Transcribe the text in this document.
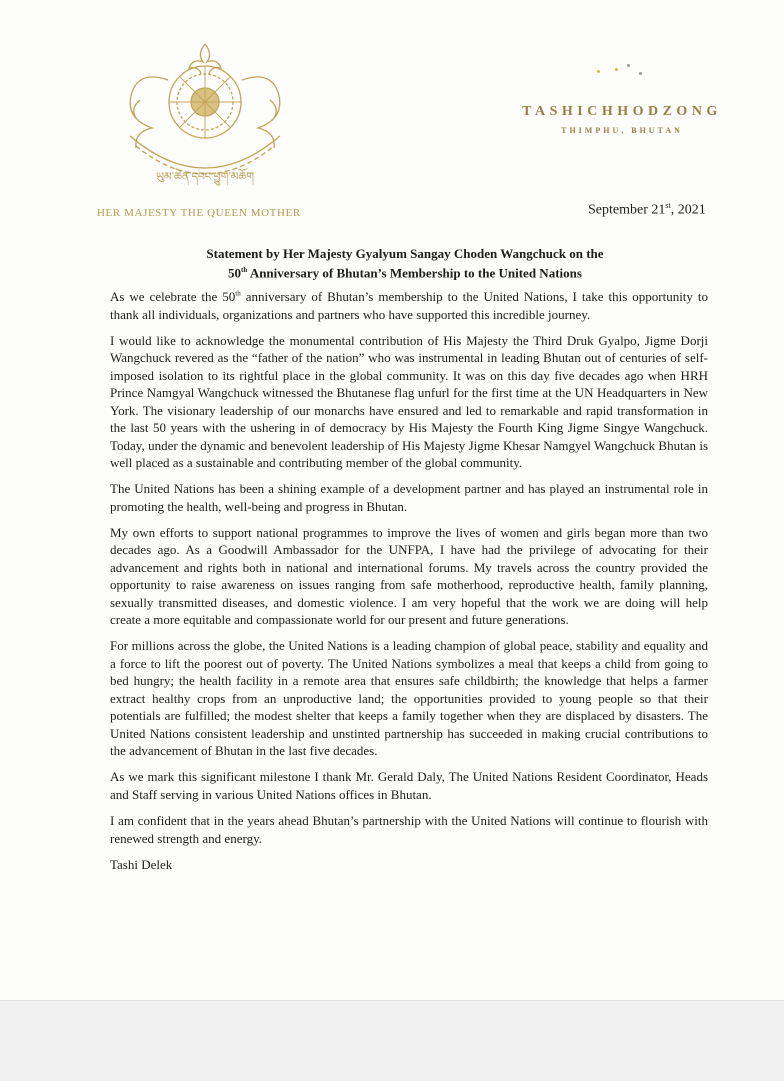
ཡུམ་ཆེན་དབང་ཕྱུག་མཆོག
HER MAJESTY THE QUEEN MOTHER
TASHICHHODZONG
THIMPHU, BHUTAN
September 21st, 2021
Statement by Her Majesty Gyalyum Sangay Choden Wangchuck on the
50th Anniversary of Bhutan’s Membership to the United Nations

As we celebrate the 50th anniversary of Bhutan’s membership to the United Nations, I take this opportunity to thank all individuals, organizations and partners who have supported this incredible journey.

I would like to acknowledge the monumental contribution of His Majesty the Third Druk Gyalpo, Jigme Dorji Wangchuck revered as the “father of the nation” who was instrumental in leading Bhutan out of centuries of self-imposed isolation to its rightful place in the global community. It was on this day five decades ago when HRH Prince Namgyal Wangchuck witnessed the Bhutanese flag unfurl for the first time at the UN Headquarters in New York. The visionary leadership of our monarchs have ensured and led to remarkable and rapid transformation in the last 50 years with the ushering in of democracy by His Majesty the Fourth King Jigme Singye Wangchuck. Today, under the dynamic and benevolent leadership of His Majesty Jigme Khesar Namgyel Wangchuck Bhutan is well placed as a sustainable and contributing member of the global community.

The United Nations has been a shining example of a development partner and has played an instrumental role in promoting the health, well-being and progress in Bhutan.

My own efforts to support national programmes to improve the lives of women and girls began more than two decades ago. As a Goodwill Ambassador for the UNFPA, I have had the privilege of advocating for their advancement and rights both in national and international forums. My travels across the country provided the opportunity to raise awareness on issues ranging from safe motherhood, reproductive health, family planning, sexually transmitted diseases, and domestic violence. I am very hopeful that the work we are doing will help create a more equitable and compassionate world for our present and future generations.

For millions across the globe, the United Nations is a leading champion of global peace, stability and equality and a force to lift the poorest out of poverty. The United Nations symbolizes a meal that keeps a child from going to bed hungry; the health facility in a remote area that ensures safe childbirth; the knowledge that helps a farmer extract healthy crops from an unproductive land; the opportunities provided to young people so that their potentials are fulfilled; the modest shelter that keeps a family together when they are displaced by disasters. The United Nations consistent leadership and unstinted partnership has succeeded in making crucial contributions to the advancement of Bhutan in the last five decades.

As we mark this significant milestone I thank Mr. Gerald Daly, The United Nations Resident Coordinator, Heads and Staff serving in various United Nations offices in Bhutan.

I am confident that in the years ahead Bhutan’s partnership with the United Nations will continue to flourish with renewed strength and energy.

Tashi Delek
